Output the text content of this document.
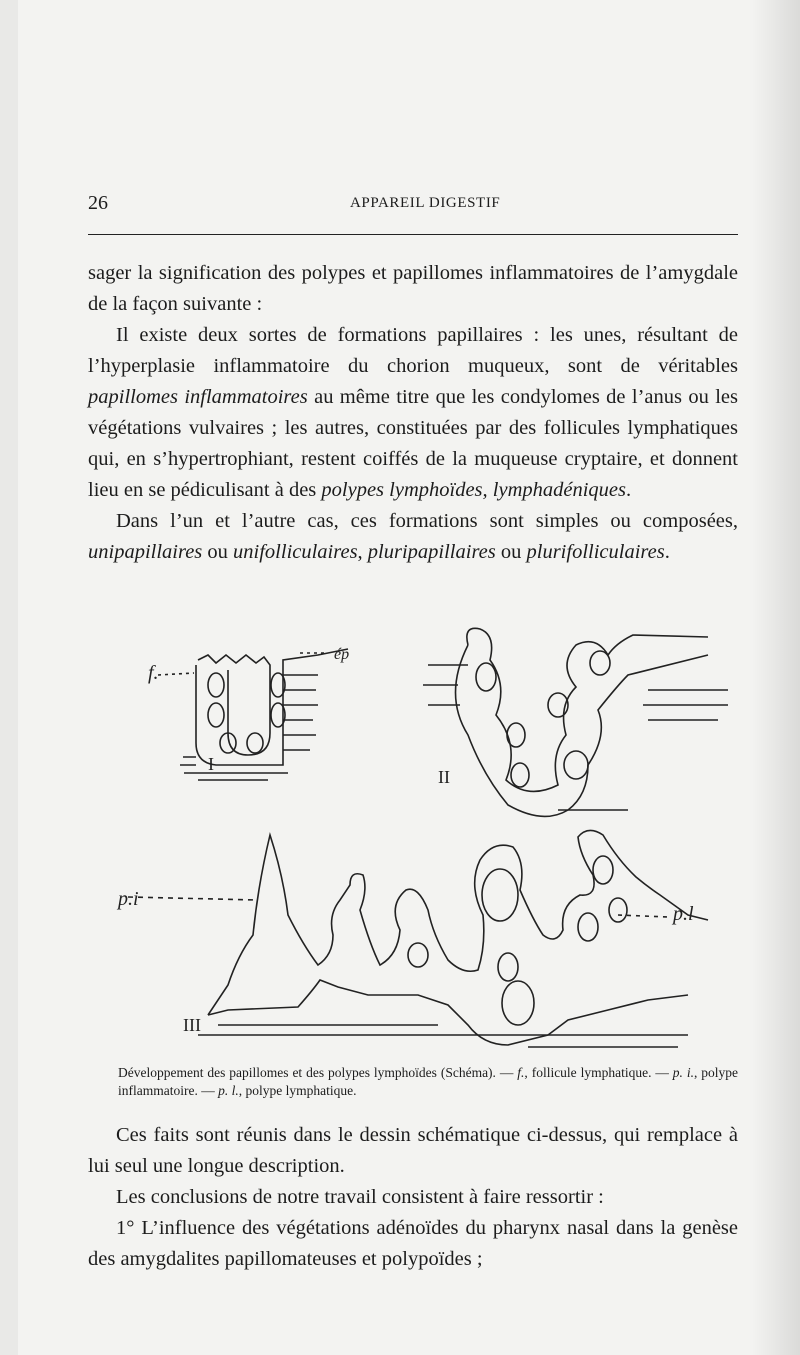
26	APPAREIL DIGESTIF

sager la signification des polypes et papillomes inflammatoires de l’amygdale de la façon suivante :

Il existe deux sortes de formations papillaires : les unes, résultant de l’hyperplasie inflammatoire du chorion muqueux, sont de véritables papillomes inflammatoires au même titre que les condylomes de l’anus ou les végétations vulvaires ; les autres, constituées par des follicules lymphatiques qui, en s’hypertrophiant, restent coiffés de la muqueuse cryptaire, et donnent lieu en se pédiculisant à des polypes lymphoïdes, lymphadéniques.

Dans l’un et l’autre cas, ces formations sont simples ou composées, unipapillaires ou unifolliculaires, pluripapillaires ou plurifolliculaires.

f.
ép
I
II
III
p.i
p.l
Développement des papillomes et des polypes lymphoïdes (Schéma). — f., follicule lymphatique. — p. i., polype inflammatoire. — p. l., polype lymphatique.

Ces faits sont réunis dans le dessin schématique ci-dessus, qui remplace à lui seul une longue description.

Les conclusions de notre travail consistent à faire ressortir :

1° L’influence des végétations adénoïdes du pharynx nasal dans la genèse des amygdalites papillomateuses et polypoïdes ;
